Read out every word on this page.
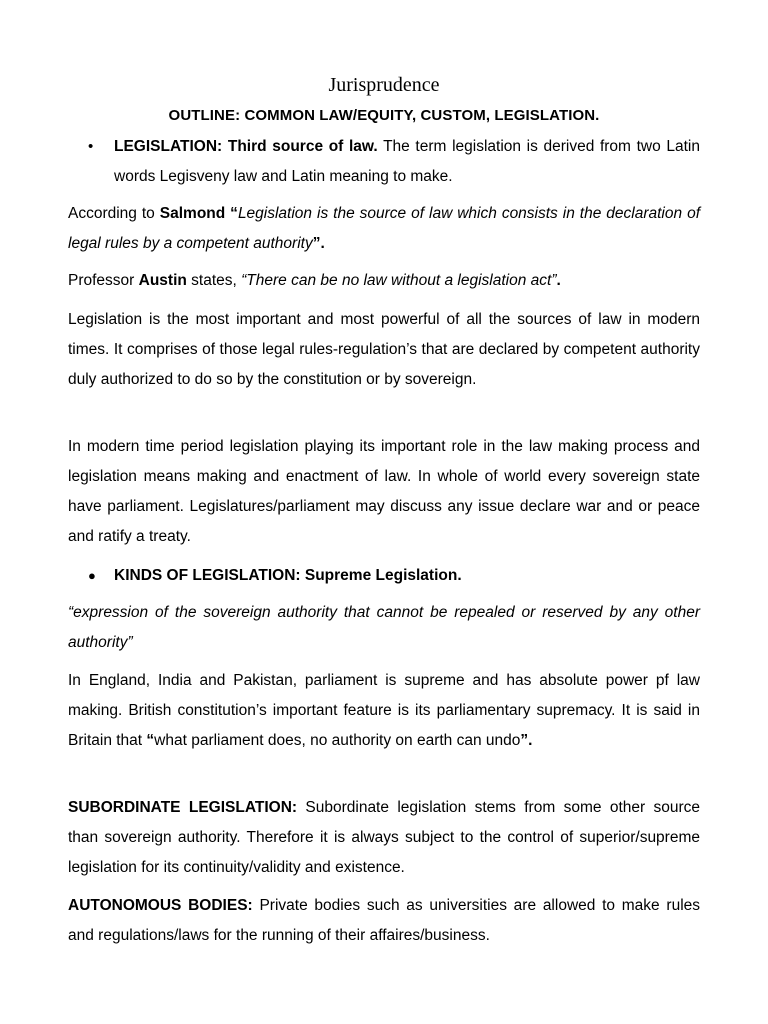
Jurisprudence
OUTLINE: COMMON LAW/EQUITY, CUSTOM, LEGISLATION.
• LEGISLATION: Third source of law. The term legislation is derived from two Latin words Legisveny law and Latin meaning to make.
According to Salmond “Legislation is the source of law which consists in the declaration of legal rules by a competent authority”.
Professor Austin states, “There can be no law without a legislation act”.
Legislation is the most important and most powerful of all the sources of law in modern times. It comprises of those legal rules-regulation’s that are declared by competent authority duly authorized to do so by the constitution or by sovereign.
In modern time period legislation playing its important role in the law making process and legislation means making and enactment of law. In whole of world every sovereign state have parliament. Legislatures/parliament may discuss any issue declare war and or peace and ratify a treaty.
● KINDS OF LEGISLATION: Supreme Legislation.
“expression of the sovereign authority that cannot be repealed or reserved by any other authority”
In England, India and Pakistan, parliament is supreme and has absolute power pf law making. British constitution’s important feature is its parliamentary supremacy. It is said in Britain that “what parliament does, no authority on earth can undo”.
SUBORDINATE LEGISLATION: Subordinate legislation stems from some other source than sovereign authority. Therefore it is always subject to the control of superior/supreme legislation for its continuity/validity and existence.
AUTONOMOUS BODIES: Private bodies such as universities are allowed to make rules and regulations/laws for the running of their affaires/business.
